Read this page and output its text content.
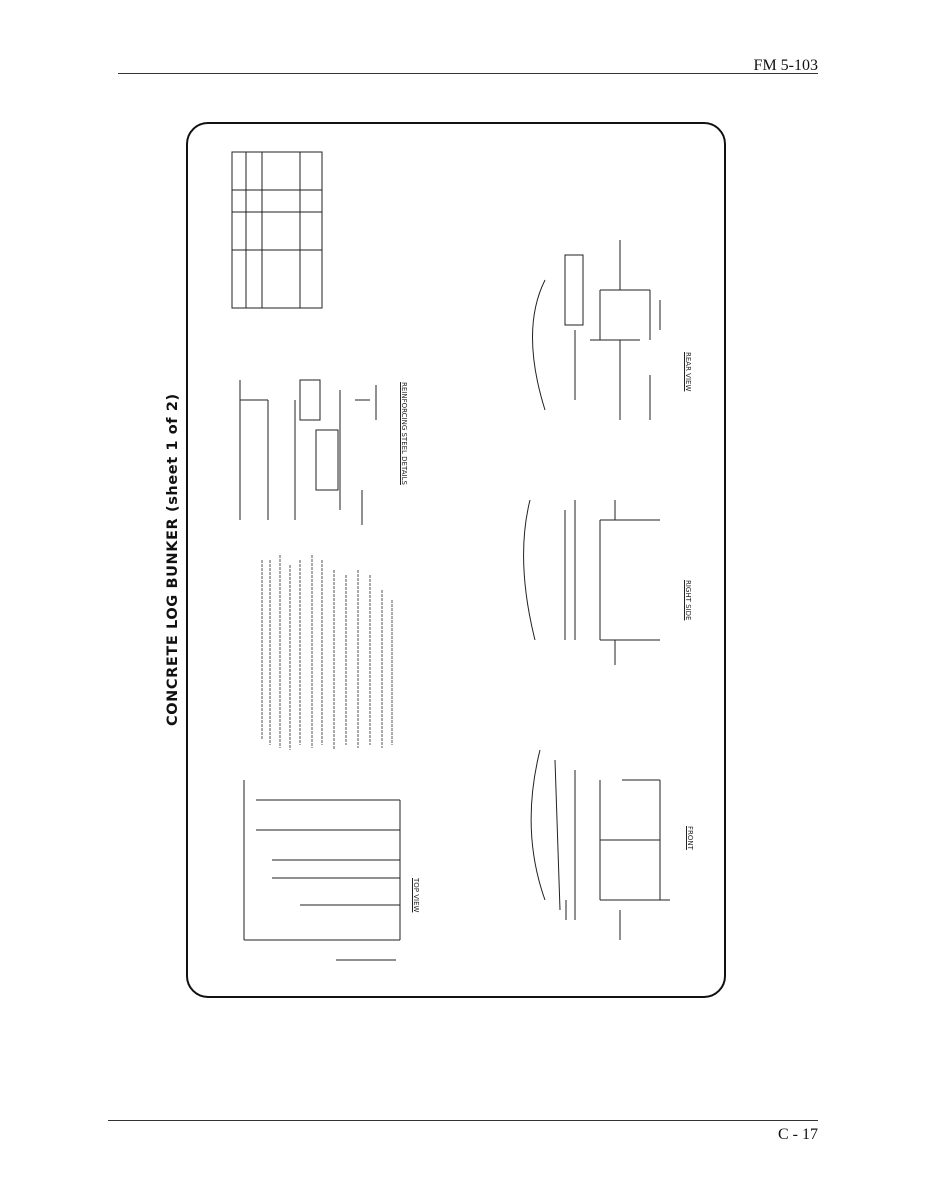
FM 5-103
CONCRETE LOG BUNKER (sheet 1 of 2)
TOP VIEW
REINFORCING STEEL DETAILS
FRONT
RIGHT SIDE
REAR VIEW
C - 17
